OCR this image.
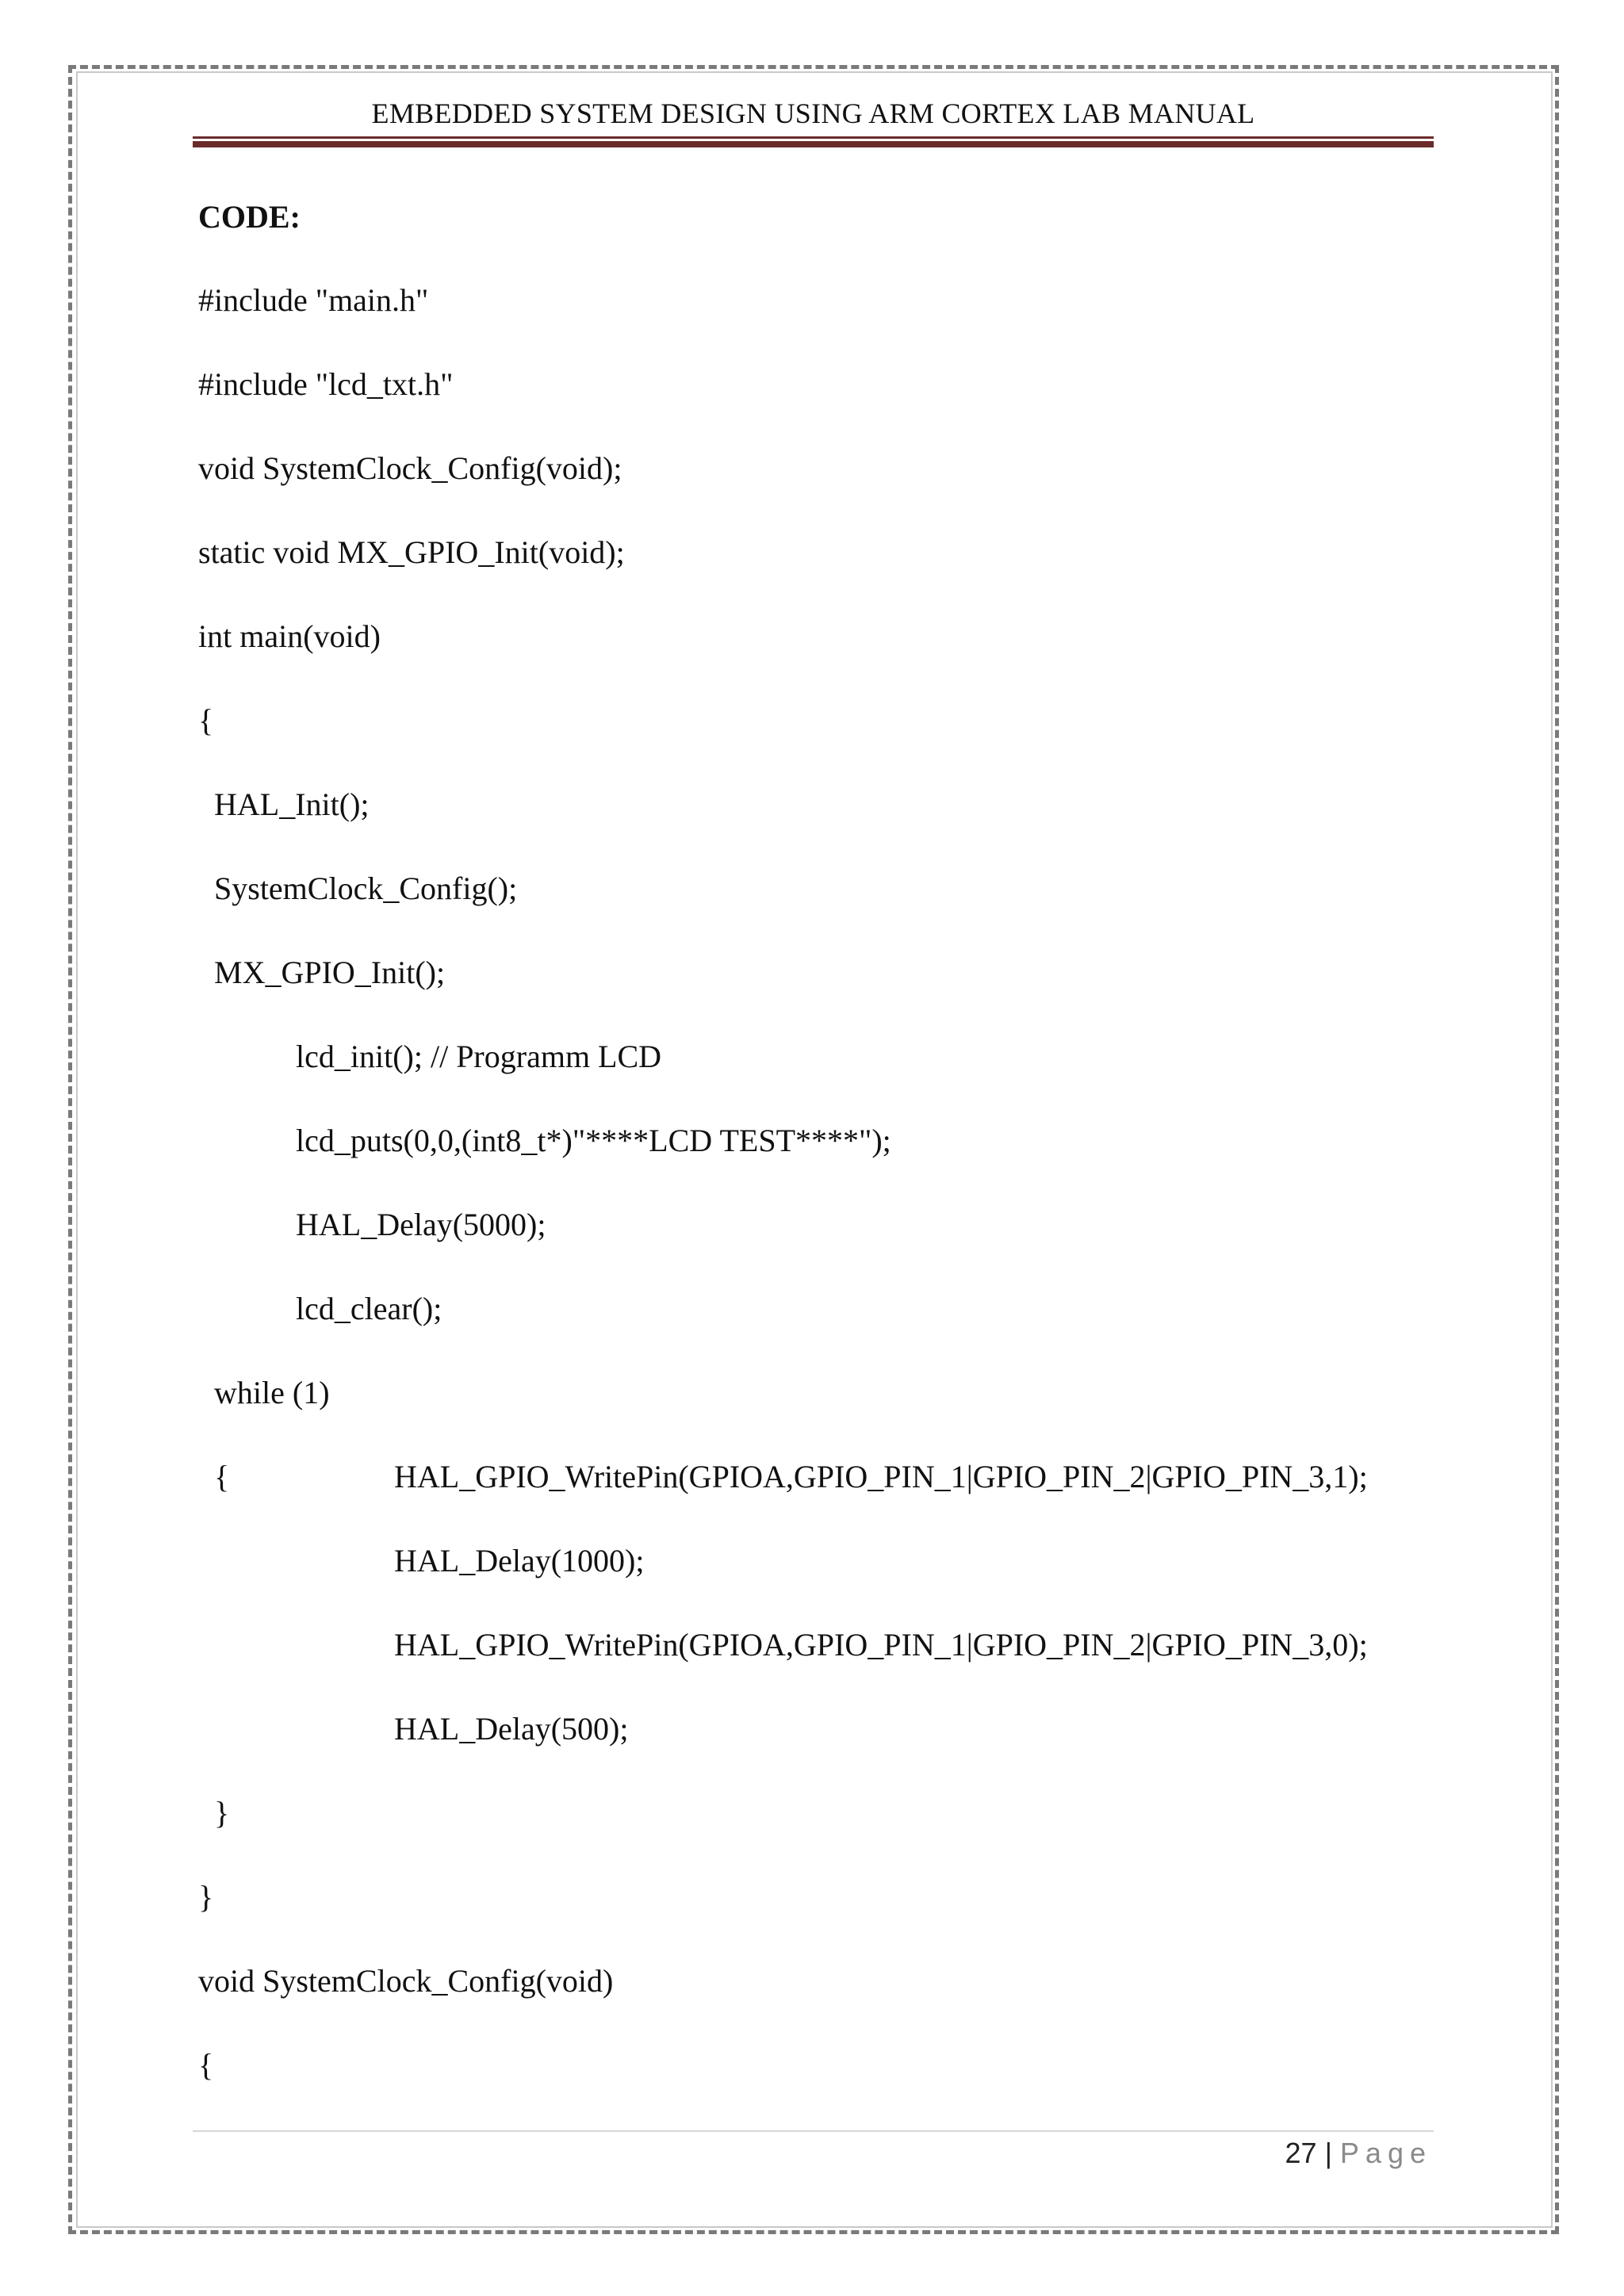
EMBEDDED SYSTEM DESIGN USING ARM CORTEX LAB MANUAL
CODE:
#include "main.h"
#include "lcd_txt.h"
void SystemClock_Config(void);
static void MX_GPIO_Init(void);
int main(void)
{
HAL_Init();
SystemClock_Config();
MX_GPIO_Init();
lcd_init(); // Programm LCD
lcd_puts(0,0,(int8_t*)"****LCD TEST****");
HAL_Delay(5000);
lcd_clear();
while (1)
{	HAL_GPIO_WritePin(GPIOA,GPIO_PIN_1|GPIO_PIN_2|GPIO_PIN_3,1);
HAL_Delay(1000);
HAL_GPIO_WritePin(GPIOA,GPIO_PIN_1|GPIO_PIN_2|GPIO_PIN_3,0);
HAL_Delay(500);
}
}
void SystemClock_Config(void)
{
27 | Page
